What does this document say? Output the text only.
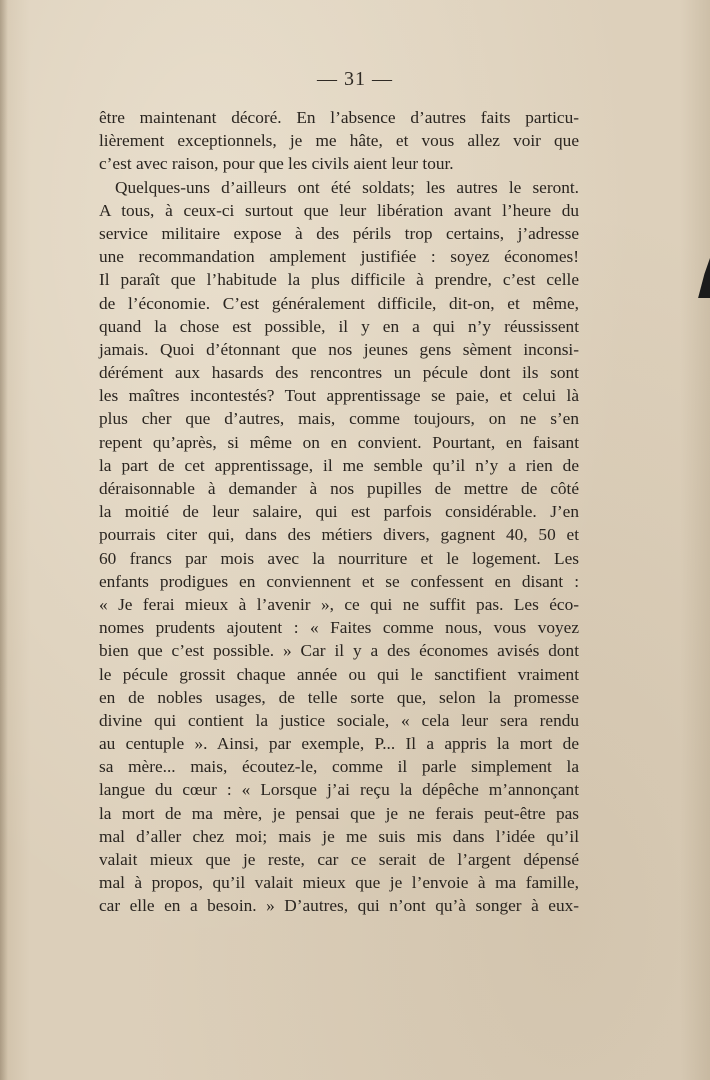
— 31 —
être maintenant décoré. En l’absence d’autres faits particu-
lièrement exceptionnels, je me hâte, et vous allez voir que
c’est avec raison, pour que les civils aient leur tour.
Quelques-uns d’ailleurs ont été soldats; les autres le seront.
A tous, à ceux-ci surtout que leur libération avant l’heure du
service militaire expose à des périls trop certains, j’adresse
une recommandation amplement justifiée : soyez économes!
Il paraît que l’habitude la plus difficile à prendre, c’est celle
de l’économie. C’est généralement difficile, dit-on, et même,
quand la chose est possible, il y en a qui n’y réussissent
jamais. Quoi d’étonnant que nos jeunes gens sèment inconsi-
dérément aux hasards des rencontres un pécule dont ils sont
les maîtres incontestés? Tout apprentissage se paie, et celui là
plus cher que d’autres, mais, comme toujours, on ne s’en
repent qu’après, si même on en convient. Pourtant, en faisant
la part de cet apprentissage, il me semble qu’il n’y a rien de
déraisonnable à demander à nos pupilles de mettre de côté
la moitié de leur salaire, qui est parfois considérable. J’en
pourrais citer qui, dans des métiers divers, gagnent 40, 50 et
60 francs par mois avec la nourriture et le logement. Les
enfants prodigues en conviennent et se confessent en disant :
« Je ferai mieux à l’avenir », ce qui ne suffit pas. Les éco-
nomes prudents ajoutent : « Faites comme nous, vous voyez
bien que c’est possible. » Car il y a des économes avisés dont
le pécule grossit chaque année ou qui le sanctifient vraiment
en de nobles usages, de telle sorte que, selon la promesse
divine qui contient la justice sociale, « cela leur sera rendu
au centuple ». Ainsi, par exemple, P... Il a appris la mort de
sa mère... mais, écoutez-le, comme il parle simplement la
langue du cœur : « Lorsque j’ai reçu la dépêche m’annonçant
la mort de ma mère, je pensai que je ne ferais peut-être pas
mal d’aller chez moi; mais je me suis mis dans l’idée qu’il
valait mieux que je reste, car ce serait de l’argent dépensé
mal à propos, qu’il valait mieux que je l’envoie à ma famille,
car elle en a besoin. » D’autres, qui n’ont qu’à songer à eux-
